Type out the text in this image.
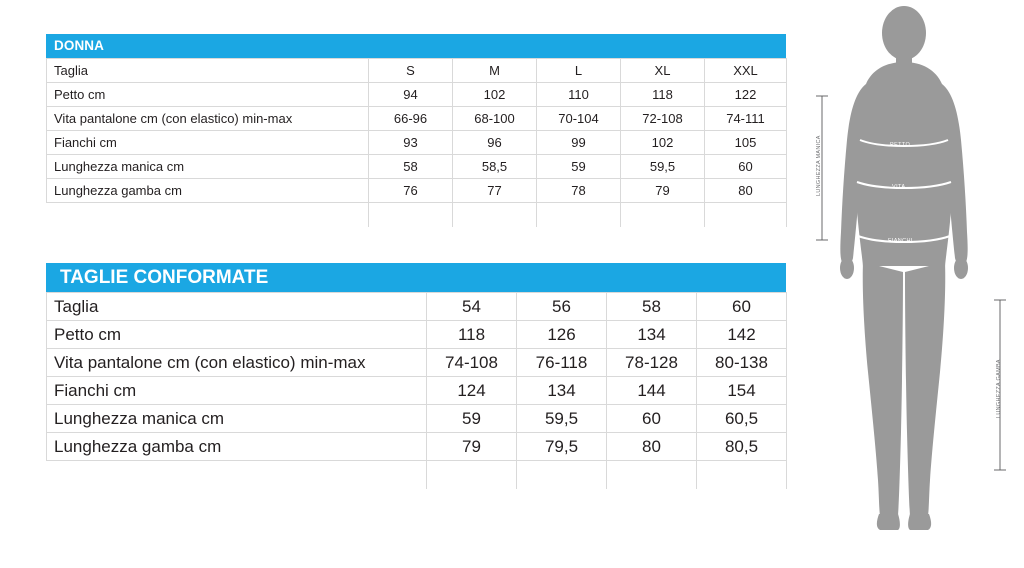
DONNA
Taglia	S	M	L	XL	XXL
Petto cm	94	102	110	118	122
Vita pantalone cm (con elastico) min-max	66-96	68-100	70-104	72-108	74-111
Fianchi cm	93	96	99	102	105
Lunghezza manica cm	58	58,5	59	59,5	60
Lunghezza gamba cm	76	77	78	79	80

TAGLIE CONFORMATE
Taglia	54	56	58	60
Petto cm	118	126	134	142
Vita pantalone cm (con elastico) min-max	74-108	76-118	78-128	80-138
Fianchi cm	124	134	144	154
Lunghezza manica cm	59	59,5	60	60,5
Lunghezza gamba cm	79	79,5	80	80,5

PETTO
VITA
FIANCHI
LUNGHEZZA MANICA
LUNGHEZZA GAMBA
